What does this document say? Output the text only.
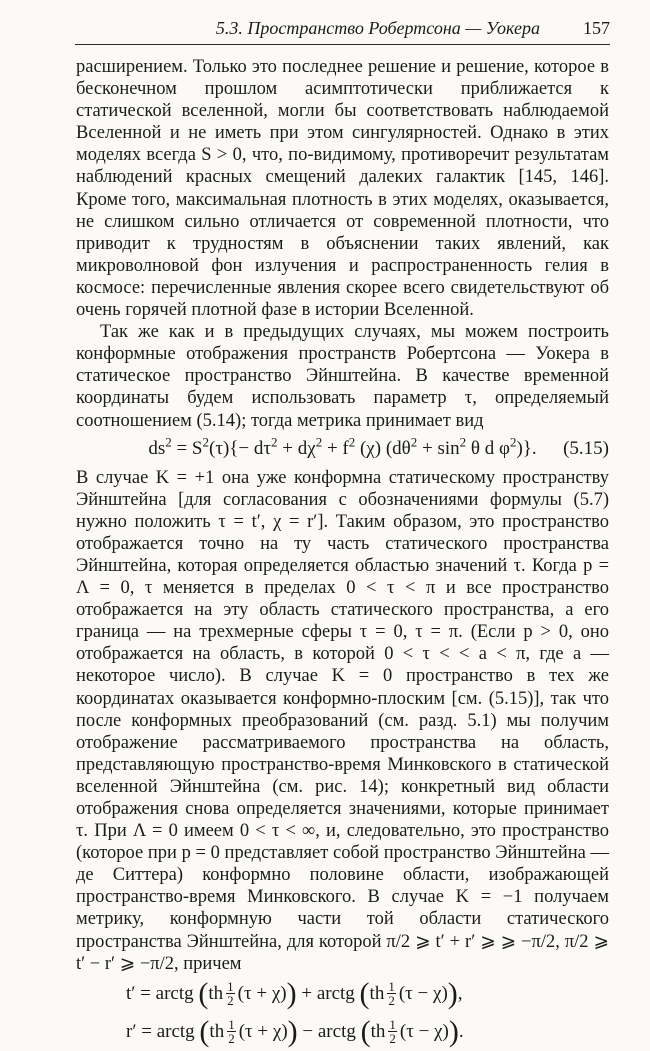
5.3. Пространство Робертсона — Уокера 157

расширением. Только это последнее решение и решение, которое в бесконечном прошлом асимптотически приближается к статической вселенной, могли бы соответствовать наблюдаемой Вселенной и не иметь при этом сингулярностей. Однако в этих моделях всегда S > 0, что, по-видимому, противоречит результатам наблюдений красных смещений далеких галактик [145, 146]. Кроме того, максимальная плотность в этих моделях, оказывается, не слишком сильно отличается от современной плотности, что приводит к трудностям в объяснении таких явлений, как микроволновой фон излучения и распространенность гелия в космосе: перечисленные явления скорее всего свидетельствуют об очень горячей плотной фазе в истории Вселенной.

Так же как и в предыдущих случаях, мы можем построить конформные отображения пространств Робертсона — Уокера в статическое пространство Эйнштейна. В качестве временной координаты будем использовать параметр τ, определяемый соотношением (5.14); тогда метрика принимает вид

$ds^2 = S^2(\tau)\{- d\tau^2 + d\chi^2 + f^2$ (χ) ($d\theta^2 + \sin^2 \theta$ d $\varphi^2$)}. (5.15)

В случае K = +1 она уже конформна статическому пространству Эйнштейна [для согласования с обозначениями формулы (5.7) нужно положить τ = t′, χ = r′]. Таким образом, это пространство отображается точно на ту часть статического пространства Эйнштейна, которая определяется областью значений τ. Когда p = Λ = 0, τ меняется в пределах 0 < τ < π и все пространство отображается на эту область статического пространства, а его граница — на трехмерные сферы τ = 0, τ = π. (Если p > 0, оно отображается на область, в которой 0 < τ < < a < π, где a — некоторое число). В случае K = 0 пространство в тех же координатах оказывается конформно-плоским [см. (5.15)], так что после конформных преобразований (см. разд. 5.1) мы получим отображение рассматриваемого пространства на область, представляющую пространство-время Минковского в статической вселенной Эйнштейна (см. рис. 14); конкретный вид области отображения снова определяется значениями, которые принимает τ. При Λ = 0 имеем 0 < τ < ∞, и, следовательно, это пространство (которое при p = 0 представляет собой пространство Эйнштейна — де Ситтера) конформно половине области, изображающей пространство-время Минковского. В случае K = −1 получаем метрику, конформную части той области статического пространства Эйнштейна, для которой π/2 ⩾ t′ + r′ ⩾ ⩾ −π/2, π/2 ⩾ t′ − r′ ⩾ −π/2, причем

t′ = arctg
( th $\frac{1}{2} (\tau + \chi)$ )
+ arctg
( th $\frac{1}{2} (\tau - \chi)$ ) ,
r′ = arctg
( th $\frac{1}{2} (\tau + \chi)$ )
− arctg
( th $\frac{1}{2} (\tau - \chi)$ ) .
